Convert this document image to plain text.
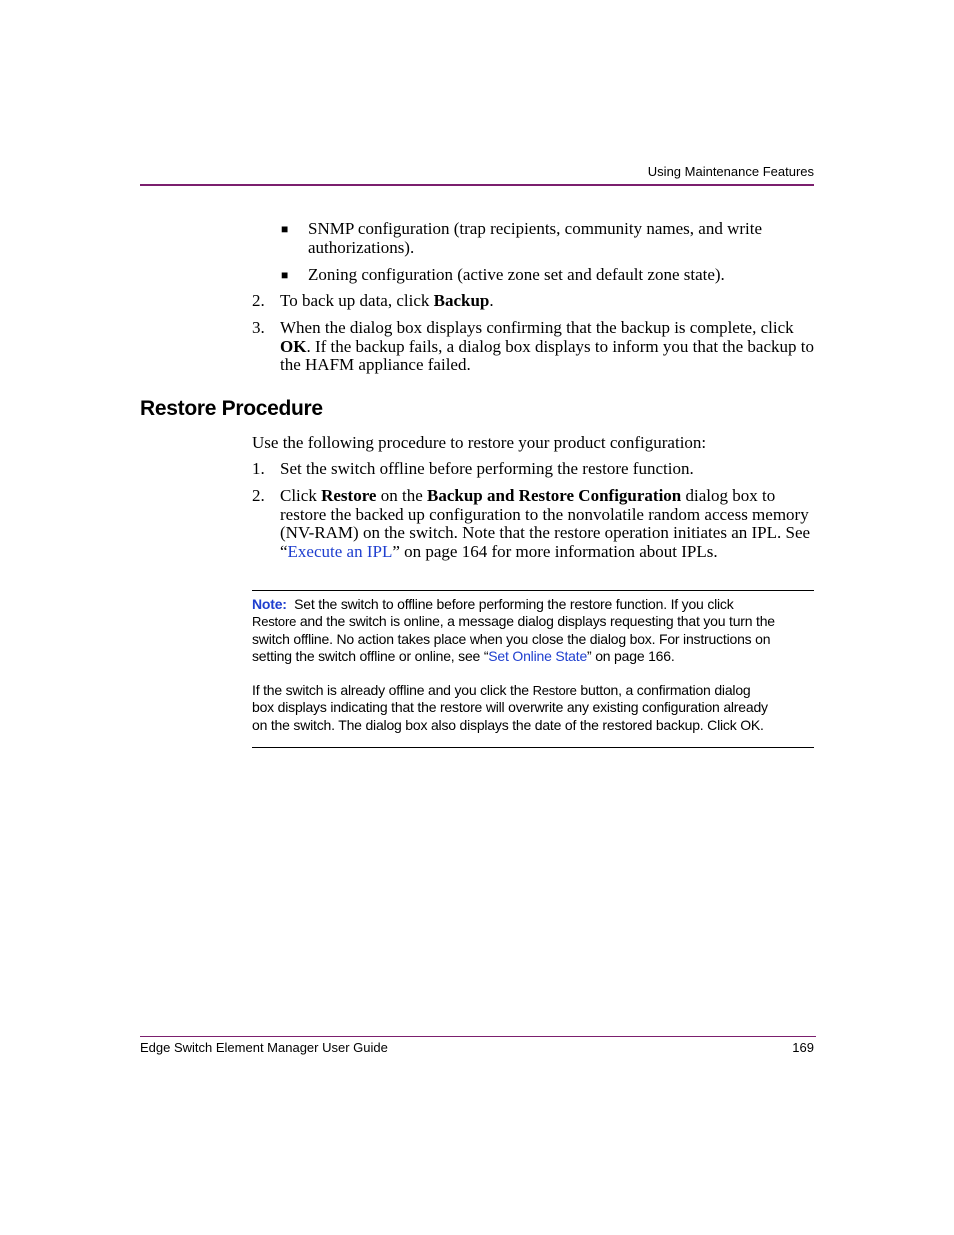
Using Maintenance Features
■ SNMP configuration (trap recipients, community names, and write
authorizations).
■ Zoning configuration (active zone set and default zone state).
2. To back up data, click Backup.
3. When the dialog box displays confirming that the backup is complete, click
OK. If the backup fails, a dialog box displays to inform you that the backup to
the HAFM appliance failed.
Restore Procedure
Use the following procedure to restore your product configuration:
1. Set the switch offline before performing the restore function.
2. Click Restore on the Backup and Restore Configuration dialog box to
restore the backed up configuration to the nonvolatile random access memory
(NV-RAM) on the switch. Note that the restore operation initiates an IPL. See
“Execute an IPL” on page 164 for more information about IPLs.
Note:  Set the switch to offline before performing the restore function. If you click
Restore and the switch is online, a message dialog displays requesting that you turn the
switch offline. No action takes place when you close the dialog box. For instructions on
setting the switch offline or online, see “Set Online State” on page 166.
If the switch is already offline and you click the Restore button, a confirmation dialog
box displays indicating that the restore will overwrite any existing configuration already
on the switch. The dialog box also displays the date of the restored backup. Click OK.
Edge Switch Element Manager User Guide	169
